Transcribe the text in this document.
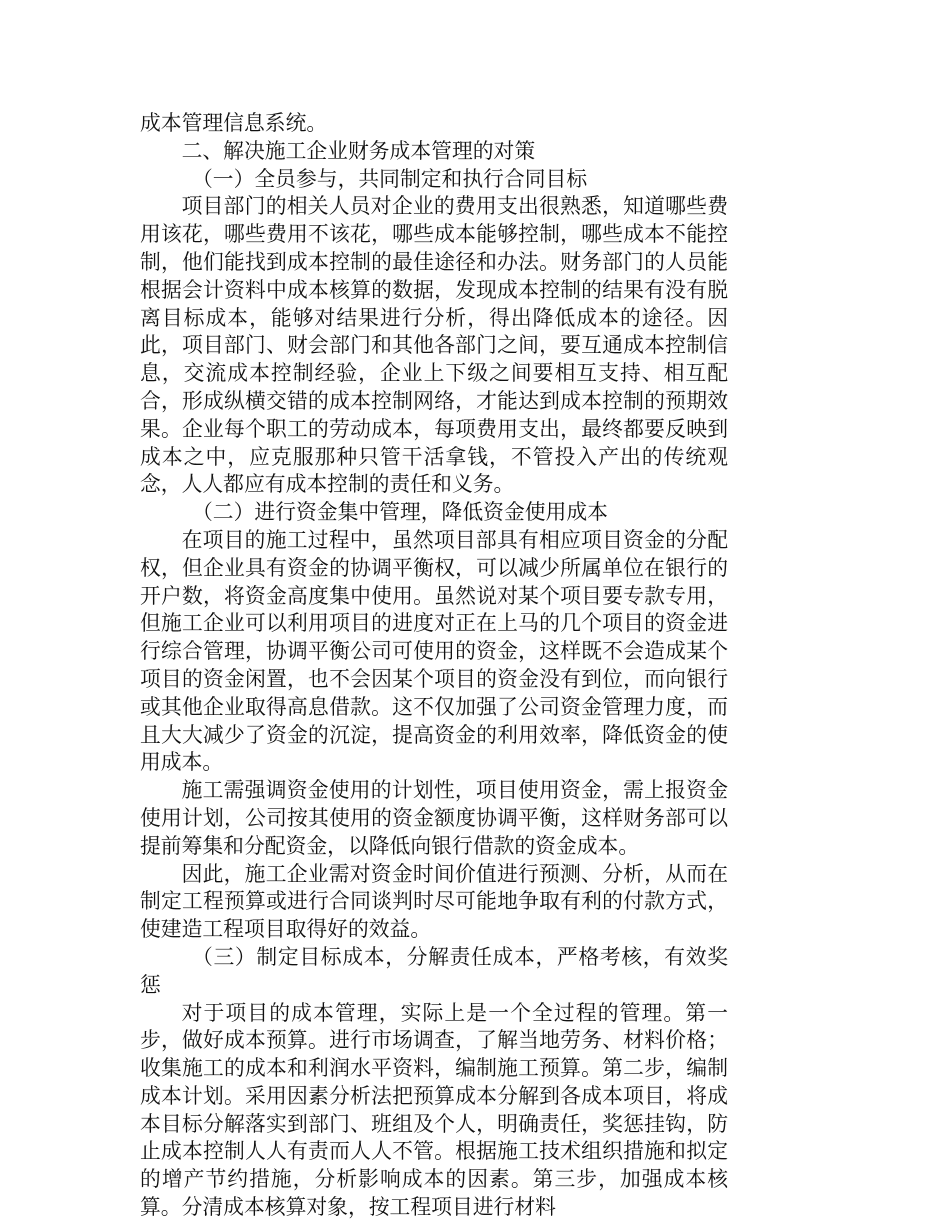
成本管理信息系统。

二、解决施工企业财务成本管理的对策

（一）全员参与，共同制定和执行合同目标

项目部门的相关人员对企业的费用支出很熟悉，知道哪些费用该花，哪些费用不该花，哪些成本能够控制，哪些成本不能控制，他们能找到成本控制的最佳途径和办法。财务部门的人员能根据会计资料中成本核算的数据，发现成本控制的结果有没有脱离目标成本，能够对结果进行分析，得出降低成本的途径。因此，项目部门、财会部门和其他各部门之间，要互通成本控制信息，交流成本控制经验，企业上下级之间要相互支持、相互配合，形成纵横交错的成本控制网络，才能达到成本控制的预期效果。企业每个职工的劳动成本，每项费用支出，最终都要反映到成本之中，应克服那种只管干活拿钱，不管投入产出的传统观念，人人都应有成本控制的责任和义务。

（二）进行资金集中管理，降低资金使用成本

在项目的施工过程中，虽然项目部具有相应项目资金的分配权，但企业具有资金的协调平衡权，可以减少所属单位在银行的开户数，将资金高度集中使用。虽然说对某个项目要专款专用，但施工企业可以利用项目的进度对正在上马的几个项目的资金进行综合管理，协调平衡公司可使用的资金，这样既不会造成某个项目的资金闲置，也不会因某个项目的资金没有到位，而向银行或其他企业取得高息借款。这不仅加强了公司资金管理力度，而且大大减少了资金的沉淀，提高资金的利用效率，降低资金的使用成本。

施工需强调资金使用的计划性，项目使用资金，需上报资金使用计划，公司按其使用的资金额度协调平衡，这样财务部可以提前筹集和分配资金，以降低向银行借款的资金成本。

因此，施工企业需对资金时间价值进行预测、分析，从而在制定工程预算或进行合同谈判时尽可能地争取有利的付款方式，使建造工程项目取得好的效益。

（三）制定目标成本，分解责任成本，严格考核，有效奖惩

对于项目的成本管理，实际上是一个全过程的管理。第一步，做好成本预算。进行市场调查，了解当地劳务、材料价格；收集施工的成本和利润水平资料，编制施工预算。第二步，编制成本计划。采用因素分析法把预算成本分解到各成本项目，将成本目标分解落实到部门、班组及个人，明确责任，奖惩挂钩，防止成本控制人人有责而人人不管。根据施工技术组织措施和拟定的增产节约措施，分析影响成本的因素。第三步，加强成本核算。分清成本核算对象，按工程项目进行材料
